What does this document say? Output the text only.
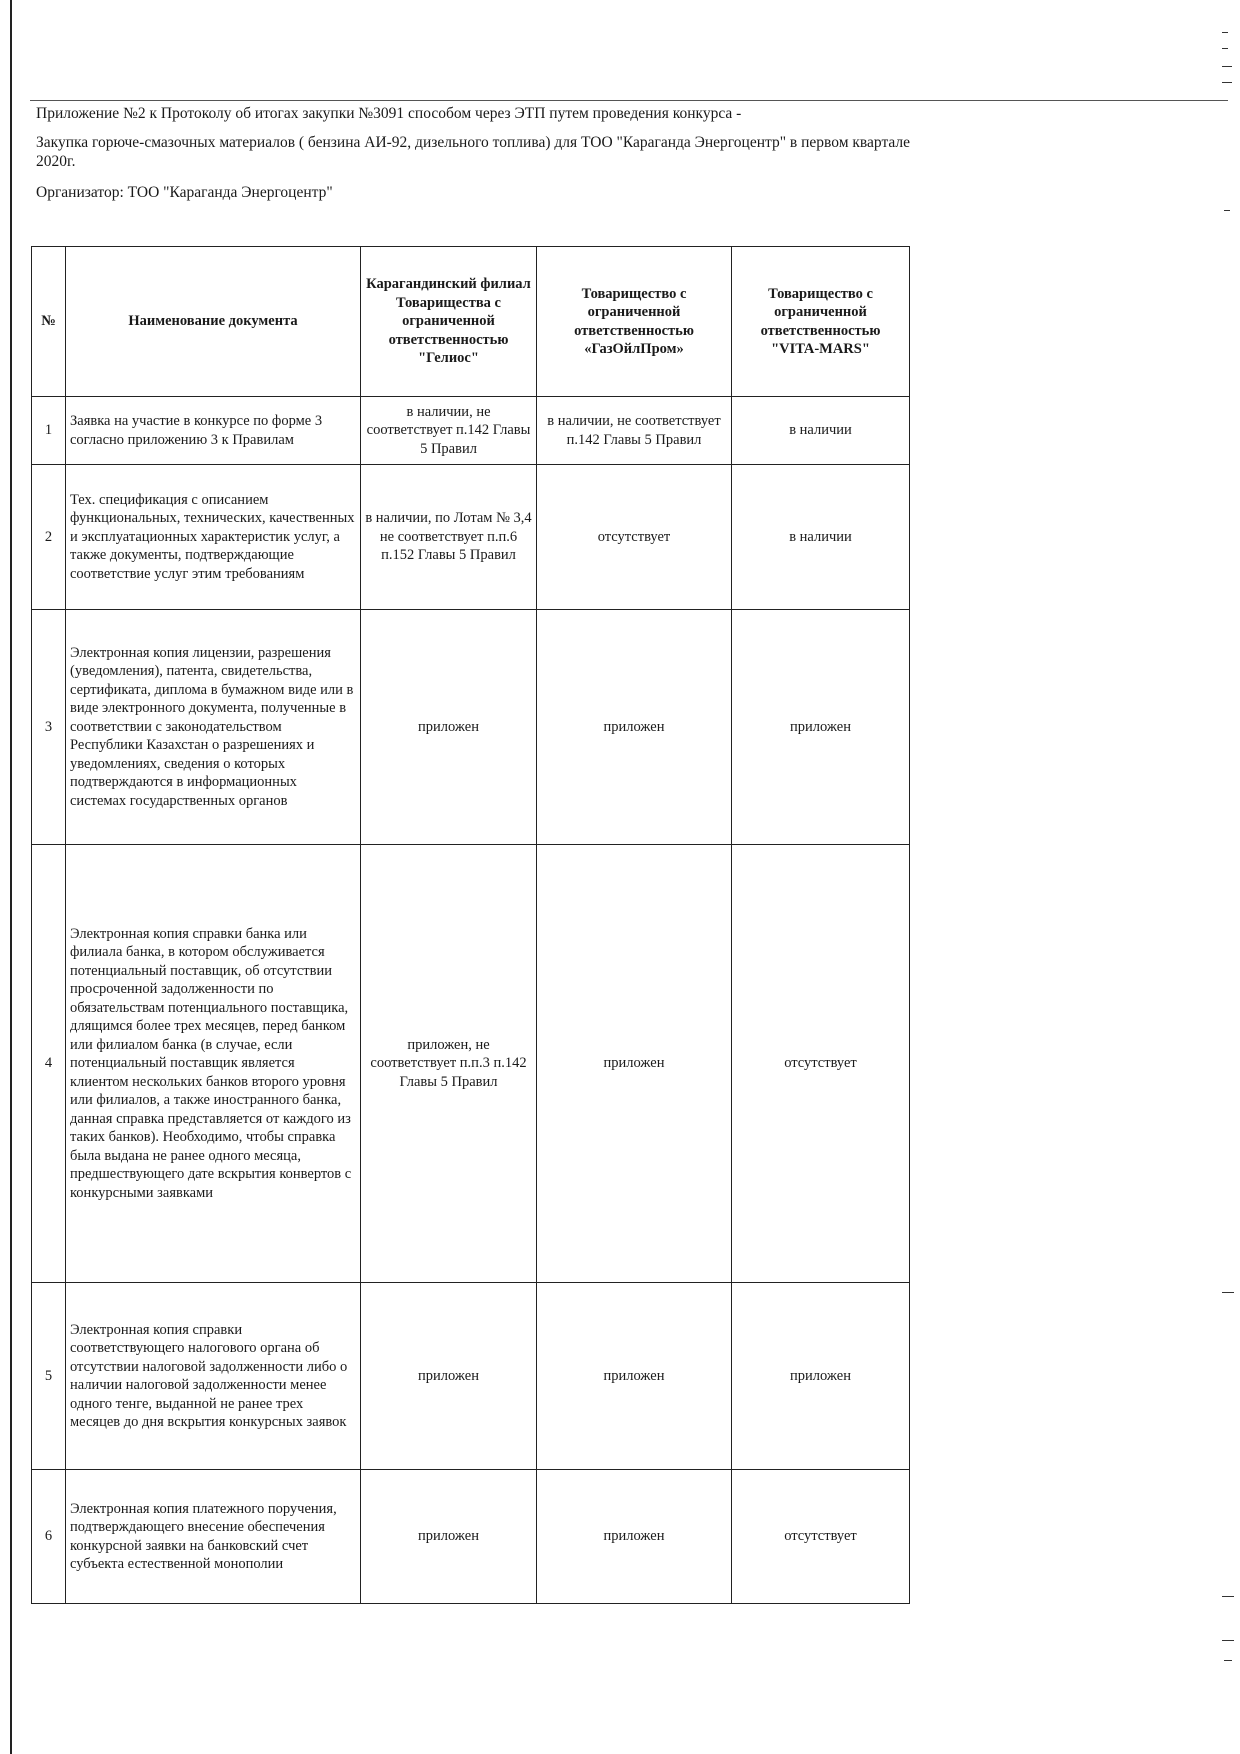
Приложение №2 к Протоколу об итогах закупки №3091 способом через ЭТП путем проведения конкурса -
Закупка горюче-смазочных материалов ( бензина АИ-92, дизельного топлива) для ТОО "Караганда Энергоцентр" в первом квартале 2020г.
Организатор: ТОО "Караганда Энергоцентр"
№	Наименование документа	Карагандинский филиал Товарищества с ограниченной ответственностью "Гелиос"	Товарищество с ограниченной ответственностью «ГазОйлПром»	Товарищество с ограниченной ответственностью "VITA-MARS"
1	Заявка на участие в конкурсе по форме 3 согласно приложению 3 к Правилам	в наличии, не соответствует п.142 Главы 5 Правил	в наличии, не соответствует п.142 Главы 5 Правил	в наличии
2	Тех. спецификация с описанием функциональных, технических, качественных и эксплуатационных характеристик услуг, а также документы, подтверждающие соответствие услуг этим требованиям	в наличии, по Лотам № 3,4 не соответствует п.п.6 п.152 Главы 5 Правил	отсутствует	в наличии
3	Электронная копия лицензии, разрешения (уведомления), патента, свидетельства, сертификата, диплома в бумажном виде или в виде электронного документа, полученные в соответствии с законодательством Республики Казахстан о разрешениях и уведомлениях, сведения о которых подтверждаются в информационных системах государственных органов	приложен	приложен	приложен
4	Электронная копия справки банка или филиала банка, в котором обслуживается потенциальный поставщик, об отсутствии просроченной задолженности по обязательствам потенциального поставщика, длящимся более трех месяцев, перед банком или филиалом банка (в случае, если потенциальный поставщик является клиентом нескольких банков второго уровня или филиалов, а также иностранного банка, данная справка представляется от каждого из таких банков). Необходимо, чтобы справка была выдана не ранее одного месяца, предшествующего дате вскрытия конвертов с конкурсными заявками	приложен, не соответствует п.п.3 п.142 Главы 5 Правил	приложен	отсутствует
5	Электронная копия справки соответствующего налогового органа об отсутствии налоговой задолженности либо о наличии налоговой задолженности менее одного тенге, выданной не ранее трех месяцев до дня вскрытия конкурсных заявок	приложен	приложен	приложен
6	Электронная копия платежного поручения, подтверждающего внесение обеспечения конкурсной заявки на банковский счет субъекта естественной монополии	приложен	приложен	отсутствует
